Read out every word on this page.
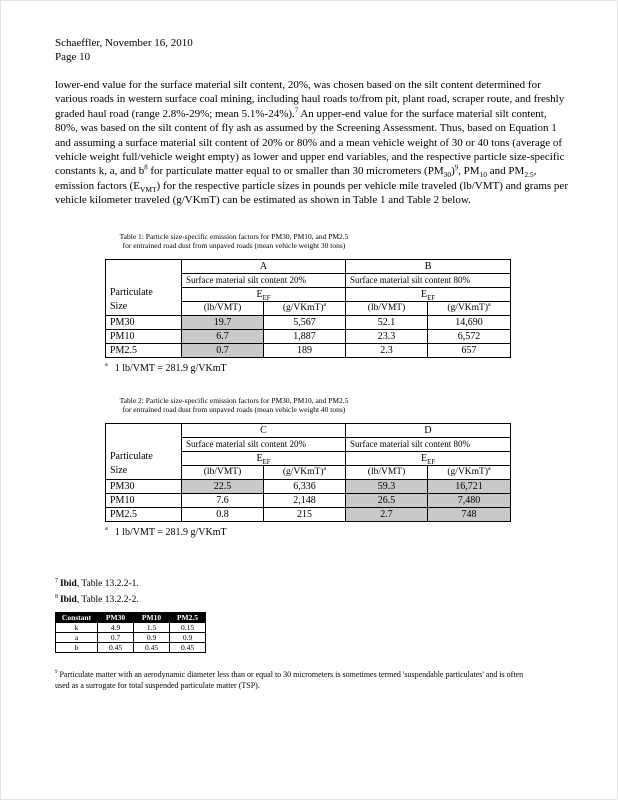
Schaeffler, November 16, 2010
Page 10

lower-end value for the surface material silt content, 20%, was chosen based on the silt content determined for various roads in western surface coal mining, including haul roads to/from pit, plant road, scraper route, and freshly graded haul road (range 2.8%-29%; mean 5.1%-24%).$^7$ An upper-end value for the surface material silt content, 80%, was based on the silt content of fly ash as assumed by the Screening Assessment. Thus, based on Equation 1 and assuming a surface material silt content of 20% or 80% and a mean vehicle weight of 30 or 40 tons (average of vehicle weight full/vehicle weight empty) as lower and upper end variables, and the respective particle size-specific constants k, a, and $b^8$ for particulate matter equal to or smaller than 30 micrometers $(PM_{30})^9$, $PM_{10}$ and $PM_{2.5}$, emission factors $(E_{VMT})$ for the respective particle sizes in pounds per vehicle mile traveled (lb/VMT) and grams per vehicle kilometer traveled (g/VKmT) can be estimated as shown in Table 1 and Table 2 below.

Table 1: Particle size-specific emission factors for PM30, PM10, and PM2.5
for entrained road dust from unpaved roads (mean vehicle weight 30 tons)
Particulate
Size	A		B	
	Surface material silt content 20%		Surface material silt content 80%	
	$E_{EF}$		$E_{EF}$
	(lb/VMT)	(g/VKmT)$^a$	(lb/VMT)	(g/VKmT)$^a$
PM30	19.7	5,567	52.1	14,690
PM10	6.7	1,887	23.3	6,572
PM2.5	0.7	189	2.3	657
$^a$ 1 lb/VMT = 281.9 g/VKmT
Table 2: Particle size-specific emission factors for PM30, PM10, and PM2.5
for entrained road dust from unpaved roads (mean vehicle weight 40 tons)
Particulate
Size	C		D	
	Surface material silt content 20%		Surface material silt content 80%	
	$E_{EF}$		$E_{EF}$
	(lb/VMT)	(g/VKmT)$^a$	(lb/VMT)	(g/VKmT)$^a$
PM30	22.5	6,336	59.3	16,721
PM10	7.6	2,148	26.5	7,480
PM2.5	0.8	215	2.7	748
$^a$ 1 lb/VMT = 281.9 g/VKmT
$^7$ Ibid, Table 13.2.2-1.
$^8$ Ibid, Table 13.2.2-2.
Constant	PM30	PM10	PM2.5
k	4.9	1.5	0.15
a	0.7	0.9	0.9
b	0.45	0.45	0.45
$^9$ Particulate matter with an aerodynamic diameter less than or equal to 30 micrometers is sometimes termed 'suspendable particulates' and is often used as a surrogate for total suspended particulate matter (TSP).
